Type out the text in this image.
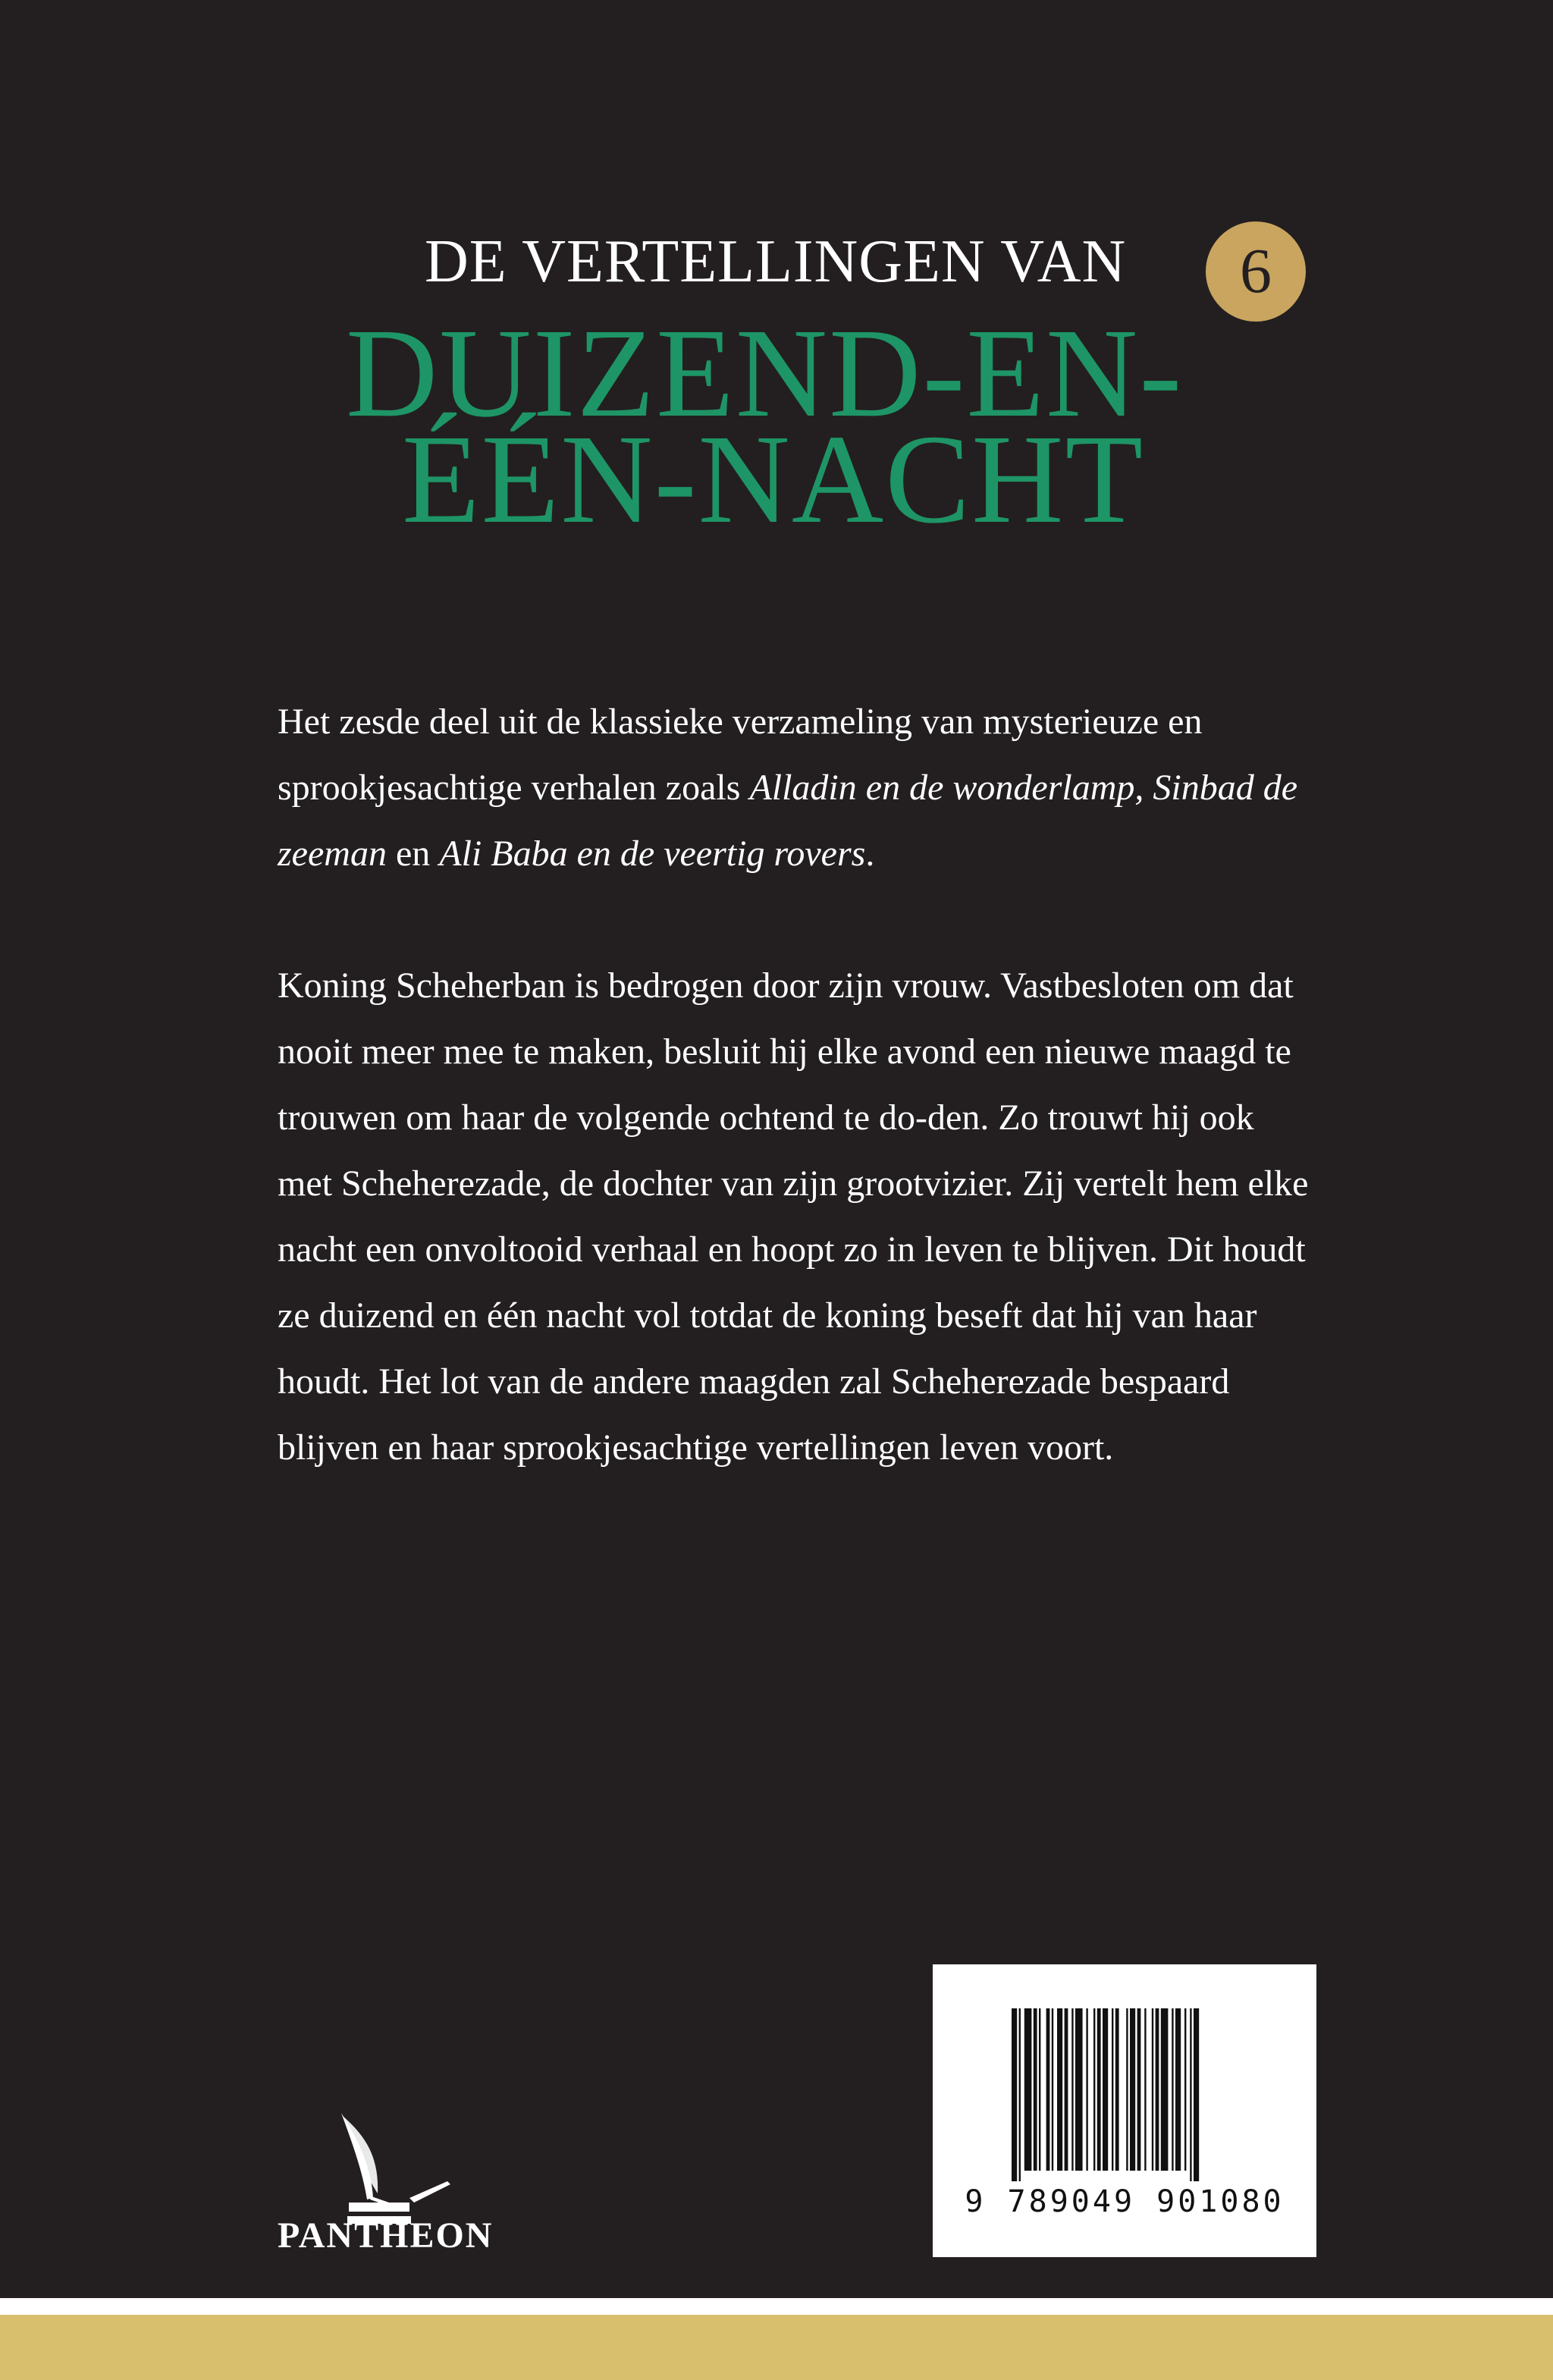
DE VERTELLINGEN VAN	6
DUIZEND-EN-
ÉÉN-NACHT

Het zesde deel uit de klassieke verzameling van mysterieuze en sprookjesachtige verhalen zoals Alladin en de wonderlamp, Sinbad de zeeman en Ali Baba en de veertig rovers.

Koning Scheherban is bedrogen door zijn vrouw. Vastbesloten om dat nooit meer mee te maken, besluit hij elke avond een nieuwe maagd te trouwen om haar de volgende ochtend te do-den. Zo trouwt hij ook met Scheherezade, de dochter van zijn grootvizier. Zij vertelt hem elke nacht een onvoltooid verhaal en hoopt zo in leven te blijven. Dit houdt ze duizend en één nacht vol totdat de koning beseft dat hij van haar houdt. Het lot van de andere maagden zal Scheherezade bespaard blijven en haar sprookjesachtige vertellingen leven voort.

9 789049 901080
PANTHEON
